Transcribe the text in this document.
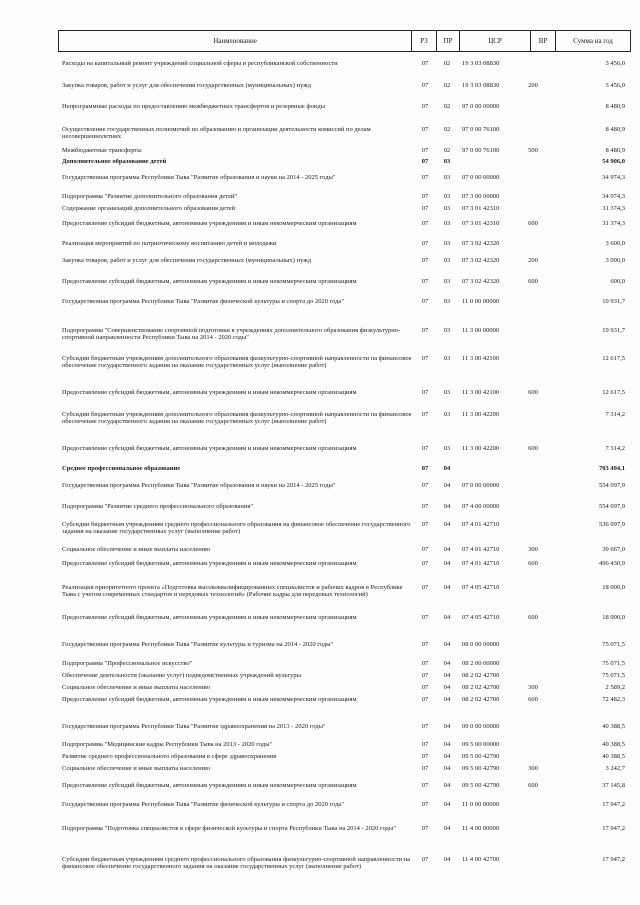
Наименование	РЗ	ПР	ЦСР	ВР	Сумма на год
Расходы на капитальный ремонт учреждений социальной сферы и республиканской собственности	07	02	19 3 03 08830	3 456,0
Закупка товаров, работ и услуг для обеспечения государственных (муниципальных) нужд	07	02	19 3 03 08830	200	3 456,0
Непрограммные расходы по предоставлению межбюджетных трансфертов и резервные фонды	07	02	97 0 00 00000	8 480,9
Осуществление государственных полномочий по образованию и организации деятельности комиссий по делам несовершеннолетних
07	02	97 0 00 76100	8 480,9
Межбюджетные трансферты	07	02	97 0 00 76100	500	8 480,9
Дополнительное образование детей	07	03	54 906,0
Государственная программа Республики Тыва "Развитие образования и науки на 2014 - 2025 годы"	07	03	07 0 00 00000	34 974,3
Подпрограмма "Развитие дополнительного образования детей"	07	03	07 3 00 00000	34 974,3
Содержание организаций дополнительного образования детей	07	03	07 3 01 42310	31 374,3
Предоставление субсидий бюджетным, автономным учреждениям и иным некоммерческим организациям	07	03	07 3 01 42310	600	31 374,3
Реализация мероприятий по патриотическому воспитанию детей и молодежи	07	03	07 3 02 42320	3 600,0
Закупка товаров, работ и услуг для обеспечения государственных (муниципальных) нужд	07	03	07 3 02 42320	200	3 000,0
Предоставление субсидий бюджетным, автономным учреждениям и иным некоммерческим организациям	07	03	07 3 02 42320	600	600,0
Государственная программа Республики Тыва "Развитие физической культуры и спорта до 2020 года"	07	03	11 0 00 00000	19 931,7
Подпрограмма "Совершенствование спортивной подготовки в учреждениях дополнительного образования физкультурно-спортивной направленности Республики Тыва на 2014 - 2020 годы"
07	03	11 3 00 00000	19 931,7
Субсидии бюджетным учреждениям дополнительного образования физкультурно-спортивной направленности на финансовое обеспечение государственного задания на оказание государственных услуг (выполнение работ)
07	03	11 3 00 42100	12 617,5
Предоставление субсидий бюджетным, автономным учреждениям и иным некоммерческим организациям	07	03	11 3 00 42100	600	12 617,5
Субсидии бюджетным учреждениям дополнительного образования физкультурно-спортивной направленности на финансовое обеспечение государственного задания на оказание государственных услуг (выполнение работ)
07	03	11 3 00 42200	7 314,2
Предоставление субсидий бюджетным, автономным учреждениям и иным некоммерческим организациям	07	03	11 3 00 42200	600	7 314,2
Среднее профессиональное образование	07	04	703 494,1
Государственная программа Республики Тыва "Развитие образования и науки на 2014 - 2025 годы"	07	04	07 0 00 00000	554 097,9
Подпрограмма "Развитие среднего профессионального образования"	07	04	07 4 00 00000	554 097,9
Субсидии бюджетным учреждениям среднего профессионального образования на финансовое обеспечение государственного задания на оказание государственных услуг (выполнение работ)
07	04	07 4 01 42710	536 097,9
Социальное обеспечение и иные выплаты населению	07	04	07 4 01 42710	300	39 667,0
Предоставление субсидий бюджетным, автономным учреждениям и иным некоммерческим организациям	07	04	07 4 01 42710	600	496 430,9
Реализация приоритетного проекта «Подготовка высококвалифицированных специалистов и рабочих кадров в Республике Тыва с учетом современных стандартов и передовых технологий» (Рабочие кадры для передовых технологий)
07	04	07 4 05 42710	18 000,0
Предоставление субсидий бюджетным, автономным учреждениям и иным некоммерческим организациям	07	04	07 4 05 42710	600	18 000,0
Государственная программа Республики Тыва "Развитие культуры и туризма на 2014 - 2020 годы"	07	04	08 0 00 00000	75 071,5
Подпрограмма "Профессиональное искусство"	07	04	08 2 00 00000	75 071,5
Обеспечение деятельности (оказание услуг) подведомственных учреждений культуры	07	04	08 2 02 42700	75 071,5
Социальное обеспечение и иные выплаты населению	07	04	08 2 02 42700	300	2 589,2
Предоставление субсидий бюджетным, автономным учреждениям и иным некоммерческим организациям	07	04	08 2 02 42700	600	72 482,3
Государственная программа Республики Тыва "Развитие здравоохранения на 2013 - 2020 годы"	07	04	09 0 00 00000	40 388,5
Подпрограмма "Медицинские кадры Республики Тыва на 2013 - 2020 годы"	07	04	09 5 00 00000	40 388,5
Развитие среднего профессионального образования в сфере здравоохранения	07	04	09 5 00 42790	40 388,5
Социальное обеспечение и иные выплаты населению	07	04	09 5 00 42790	300	3 242,7
Предоставление субсидий бюджетным, автономным учреждениям и иным некоммерческим организациям	07	04	09 5 00 42790	600	37 145,8
Государственная программа Республики Тыва "Развитие физической культуры и спорта до 2020 года"	07	04	11 0 00 00000	17 947,2
Подпрограмма "Подготовка специалистов в сфере физической культуры и спорта Республики Тыва на 2014 - 2020 годы"	07	04	11 4 00 00000	17 947,2
Субсидии бюджетным учреждениям среднего профессионального образования физкультурно-спортивной направленности на финансовое обеспечение государственного задания на оказание государственных услуг (выполнение работ)
07	04	11 4 00 42700	17 947,2
